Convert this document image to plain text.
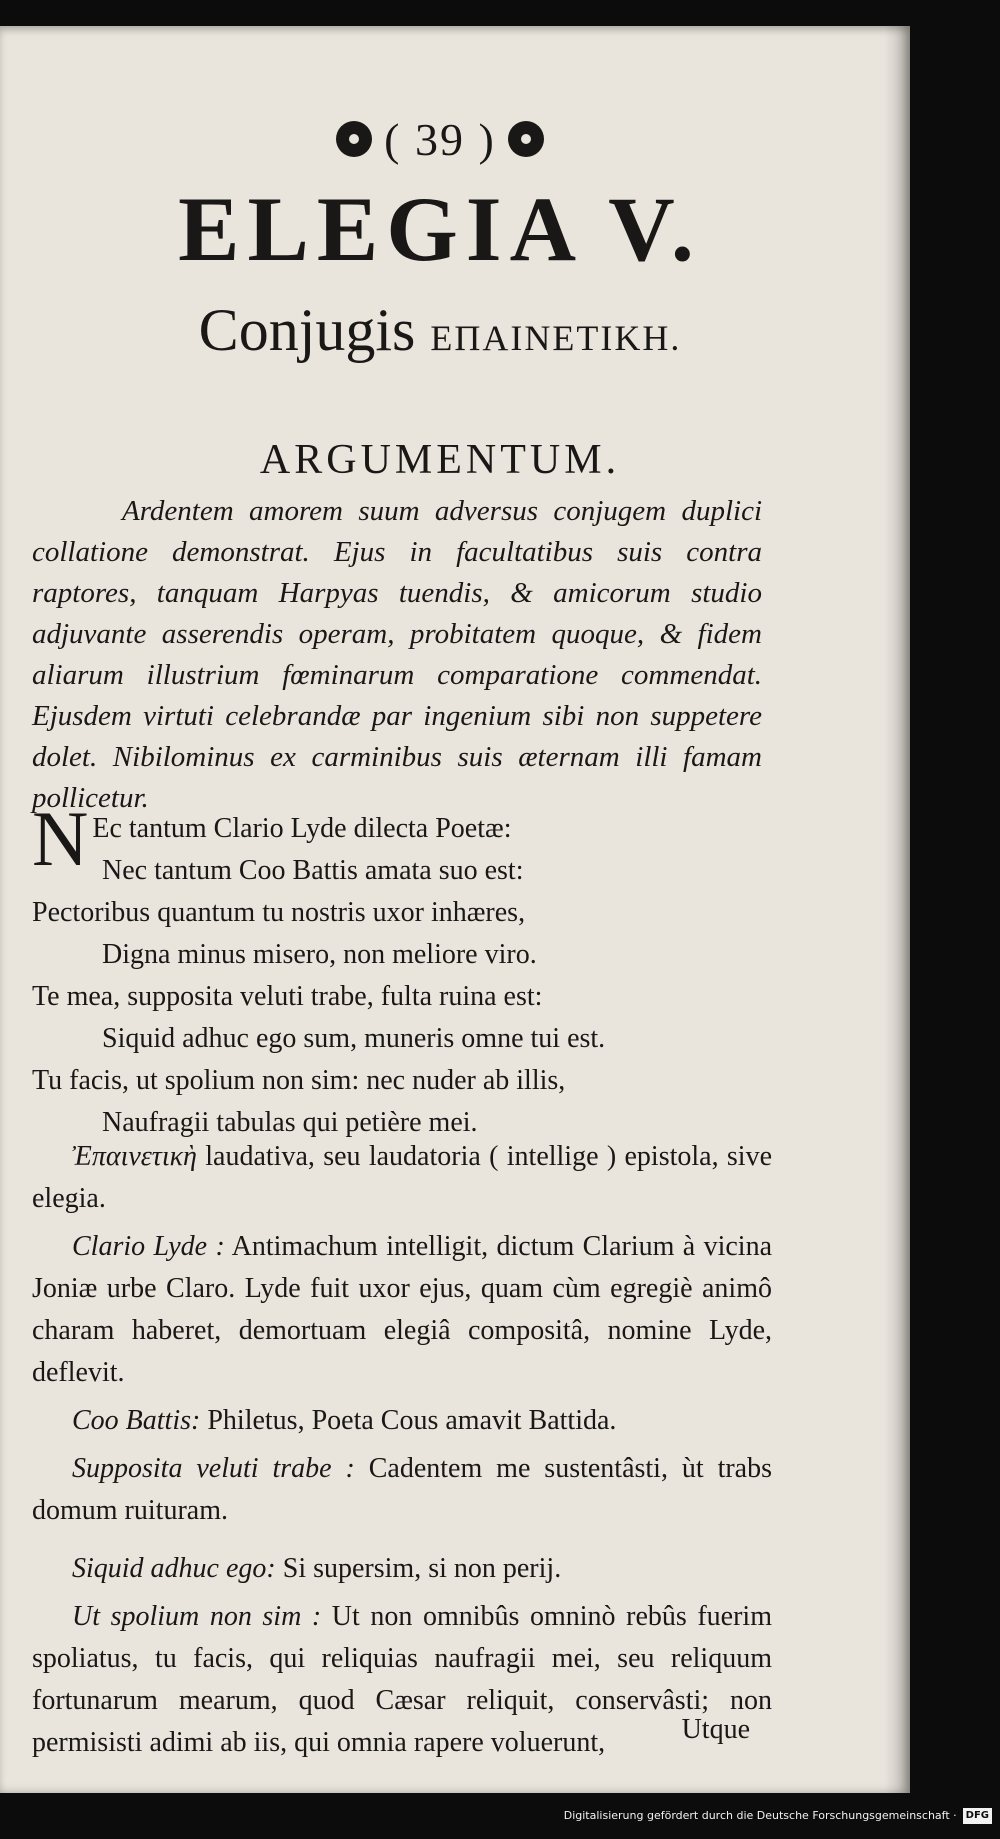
( 39 )
ELEGIA V.
Conjugis ΕΠΑΙΝΕΤΙΚΗ.
ARGUMENTUM.
Ardentem amorem suum adversus conjugem duplici collatione demonstrat. Ejus in facultatibus suis contra raptores, tanquam Harpyas tuendis, & amicorum studio adjuvante asserendis operam, probitatem quoque, & fidem aliarum illustrium fœminarum comparatione commendat. Ejusdem virtuti celebrandæ par ingenium sibi non suppetere dolet. Nibilominus ex carminibus suis æternam illi famam pollicetur.
NEc tantum Clario Lyde dilecta Poetæ:
Nec tantum Coo Battis amata suo est:
Pectoribus quantum tu nostris uxor inhæres,
Digna minus misero, non meliore viro.
Te mea, supposita veluti trabe, fulta ruina est:
Siquid adhuc ego sum, muneris omne tui est.
Tu facis, ut spolium non sim: nec nuder ab illis,
Naufragii tabulas qui petière mei.

Ἐπαινετικὴ laudativa, seu laudatoria ( intellige ) epistola, sive elegia.

Clario Lyde : Antimachum intelligit, dictum Clarium à vicina Joniæ urbe Claro. Lyde fuit uxor ejus, quam cùm egregiè animô charam haberet, demortuam elegiâ compositâ, nomine Lyde, deflevit.

Coo Battis: Philetus, Poeta Cous amavit Battida.

Supposita veluti trabe : Cadentem me sustentâsti, ùt trabs domum ruituram.

Siquid adhuc ego: Si supersim, si non perij.

Ut spolium non sim : Ut non omnibûs omninò rebûs fuerim spoliatus, tu facis, qui reliquias naufragii mei, seu reliquum fortunarum mearum, quod Cæsar reliquit, conservâsti; non permisisti adimi ab iis, qui omnia rapere voluerunt,	Utque
Digitalisierung gefördert durch die Deutsche Forschungsgemeinschaft · DFG
